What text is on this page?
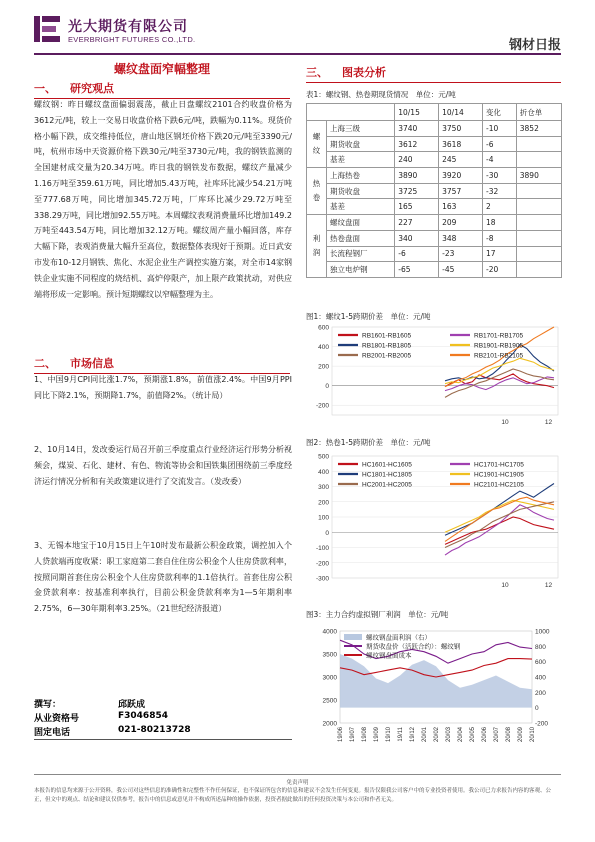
光大期货有限公司
EVERBRIGHT FUTURES CO.,LTD.	钢材日报
螺纹盘面窄幅整理
一、 研究观点
螺纹钢：昨日螺纹盘面偏弱震荡，截止日盘螺纹2101合约收盘价格为3612元/吨，较上一交易日收盘价格下跌6元/吨，跌幅为0.11%。现货价格小幅下跌，成交维持低位，唐山地区钢坯价格下跌20元/吨至3390元/吨，杭州市场中天资源价格下跌30元/吨至3730元/吨，我的钢铁监测的全国建材成交量为20.34万吨。昨日我的钢铁发布数据，螺纹产量减少1.16万吨至359.61万吨，同比增加5.43万吨，社库环比减少54.21万吨至777.68万吨，同比增加345.72万吨，厂库环比减少29.72万吨至338.29万吨，同比增加92.55万吨。本周螺纹表观消费量环比增加149.2万吨至443.54万吨，同比增加32.12万吨。螺纹周产量小幅回落，库存大幅下降，表观消费量大幅升至高位，数据整体表现好于预期。近日武安市发布10-12月钢铁、焦化、水泥企业生产调控实施方案，对全市14家钢铁企业实施不同程度的烧结机、高炉停限产，加上限产政策扰动，对供应端将形成一定影响。预计短期螺纹以窄幅整理为主。
二、 市场信息
1、中国9月CPI同比涨1.7%，预期涨1.8%，前值涨2.4%。中国9月PPI同比下降2.1%，预期降1.7%，前值降2%。（统计局）
2、10月14日，发改委运行局召开前三季度重点行业经济运行形势分析视频会，煤炭、石化、建材、有色、物流等协会和国铁集团围绕前三季度经济运行情况分析和有关政策建议进行了交流发言。（发改委）
3、无锡本地宝于10月15日上午10时发布最新公积金政策，调控加入个人贷款端再度收紧：职工家庭第二套自住住房公积金个人住房贷款利率，按照同期首套住房公积金个人住房贷款利率的1.1倍执行。首套住房公积金贷款利率：按基准利率执行，目前公积金贷款利率为1—5年期利率2.75%，6—30年期利率3.25%。（21世纪经济报道）
撰写：	邱跃成
从业资格号	F3046854
固定电话	021-80213728
三、 图表分析
表1：螺纹钢、热卷期现货情况　单位：元/吨
		10/15	10/14	变化	折仓单
螺
纹	上海三级	3740	3750	-10	3852
	期货收盘	3612	3618	-6	
	基差	240	245	-4	
热
卷	上海热卷	3890	3920	-30	3890
	期货收盘	3725	3757	-32	
	基差	165	163	2	
利
润	螺纹盘面	227	209	18	
	热卷盘面	340	348	-8	
	长流程钢厂	-6	-23	17	
	独立电炉钢	-65	-45	-20	
图1：螺纹1-5跨期价差　单位：元/吨
600
400
200
0
-200
10	12
RB1601-RB1605	RB1701-RB1705
RB1801-RB1805	RB1901-RB1905
RB2001-RB2005	RB2101-RB2105
图2：热卷1-5跨期价差　单位：元/吨
500
400
300
200
100
0
-100
-200
-300
10	12
HC1601-HC1605	HC1701-HC1705
HC1801-HC1805	HC1901-HC1905
HC2001-HC2005	HC2101-HC2105
图3：主力合约虚拟钢厂利润　单位：元/吨
4000
3500
3000
2500
2000
1000
800
600
400
200
0
-200
19/06 19/07 19/08 19/09 19/10 19/11 19/12 20/01 20/02 20/03 20/04 20/05 20/06 20/07 20/08 20/09 20/10
螺纹钢盘面利润（右）
期货收盘价（活跃合约）：螺纹钢
螺纹钢盘面成本
免责声明
本报告的信息均来源于公开资料，我公司对这些信息的准确性和完整性不作任何保证，也不保证所包含的信息和建议不会发生任何变更。报告仅限我公司客户中的专业投资者使用。我公司已力求报告内容的客观、公正，但文中的观点、结论和建议仅供参考，报告中的信息或意见并不构成所述品种的操作依据，投资者据此做出的任何投资决策与本公司和作者无关。
